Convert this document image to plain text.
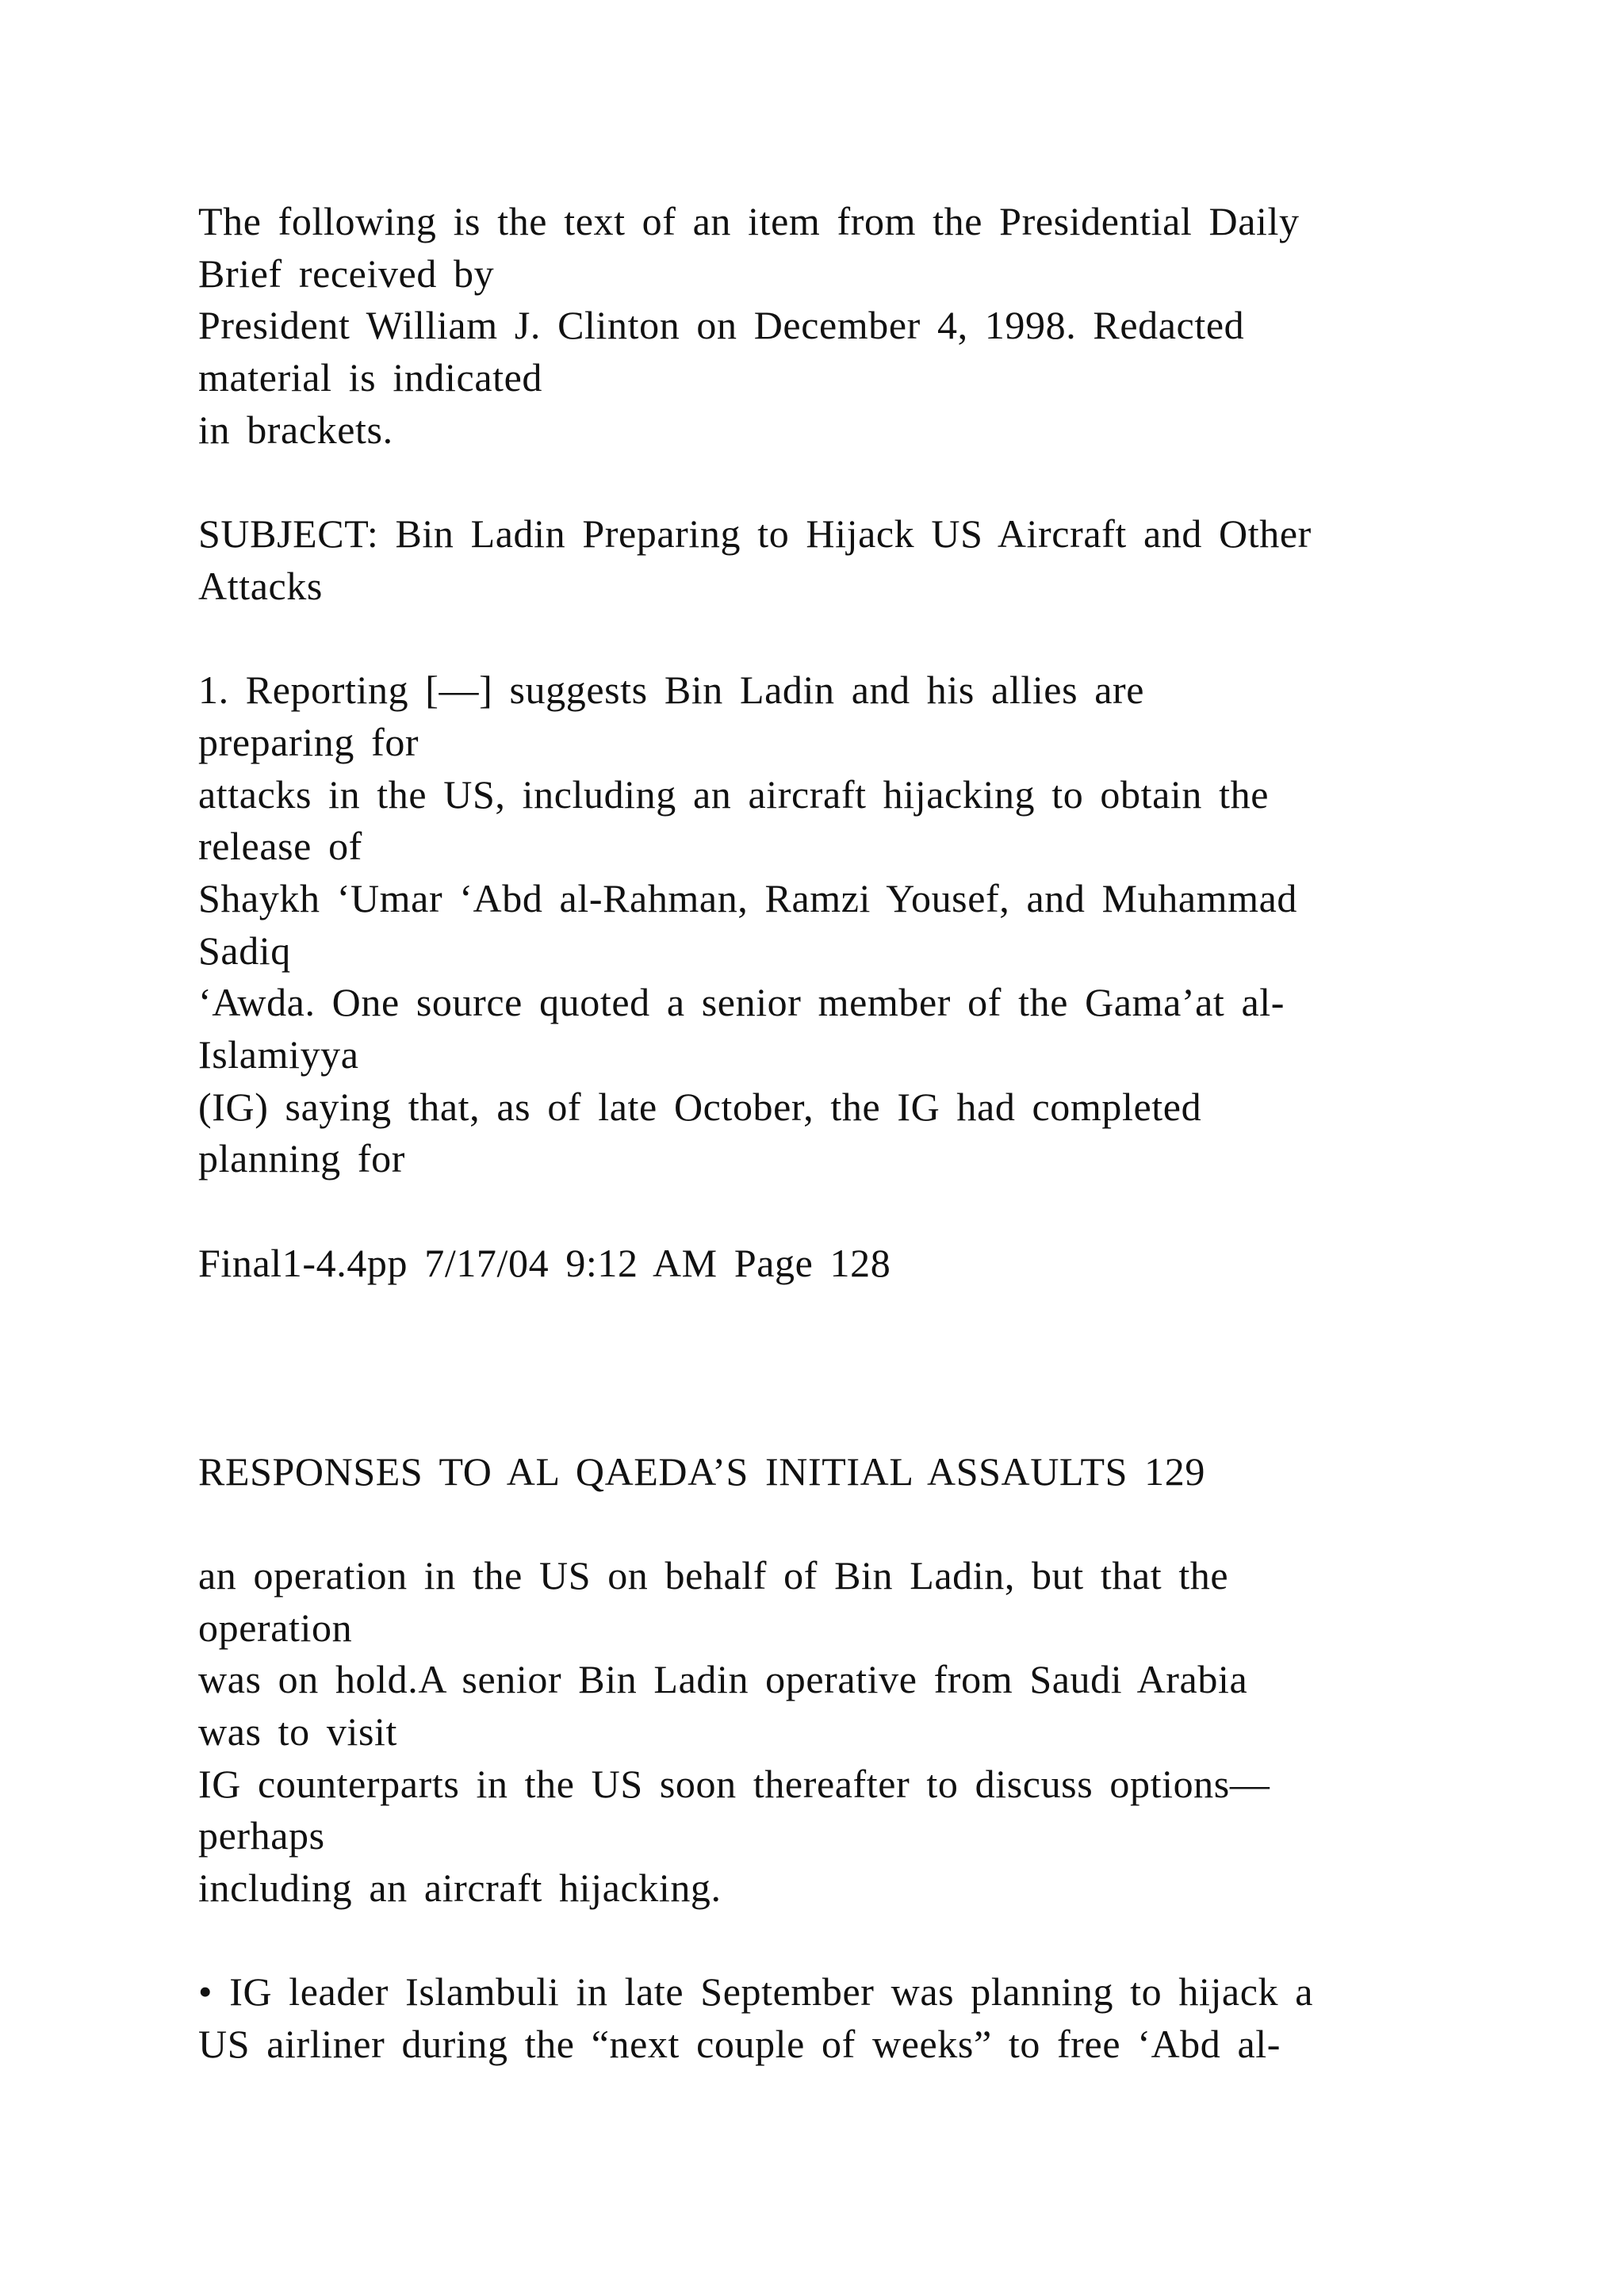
The following is the text of an item from the Presidential Daily
Brief received by
President William J. Clinton on December 4, 1998. Redacted
material is indicated
in brackets.
SUBJECT: Bin Ladin Preparing to Hijack US Aircraft and Other
Attacks
1. Reporting [—] suggests Bin Ladin and his allies are
preparing for
attacks in the US, including an aircraft hijacking to obtain the
release of
Shaykh ‘Umar ‘Abd al-Rahman, Ramzi Yousef, and Muhammad
Sadiq
‘Awda. One source quoted a senior member of the Gama’at al-
Islamiyya
(IG) saying that, as of late October, the IG had completed
planning for
Final1-4.4pp 7/17/04 9:12 AM Page 128
RESPONSES TO AL QAEDA’S INITIAL ASSAULTS 129
an operation in the US on behalf of Bin Ladin, but that the
operation
was on hold.A senior Bin Ladin operative from Saudi Arabia
was to visit
IG counterparts in the US soon thereafter to discuss options—
perhaps
including an aircraft hijacking.
• IG leader Islambuli in late September was planning to hijack a
US airliner during the “next couple of weeks” to free ‘Abd al-
